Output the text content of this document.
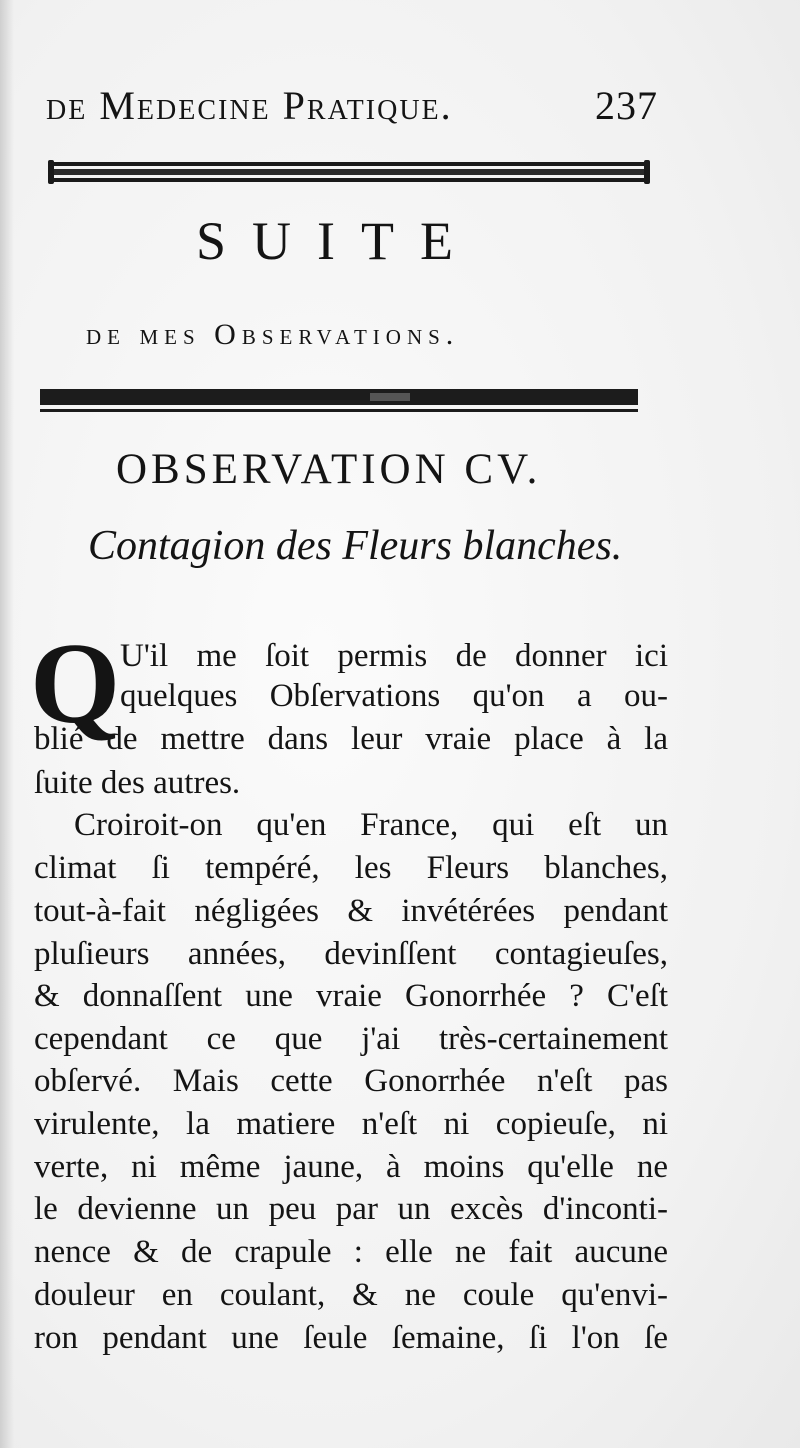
de Medecine Pratique.	237
SUITE
de mes Observations.
OBSERVATION CV.
Contagion des Fleurs blanches.
Q U'il me ſoit permis de donner ici
quelques Obſervations qu'on a ou-
blié de mettre dans leur vraie place à la
ſuite des autres.
Croiroit-on qu'en France, qui eſt un
climat ſi tempéré, les Fleurs blanches,
tout-à-fait négligées & invétérées pendant
pluſieurs années, devinſſent contagieuſes,
& donnaſſent une vraie Gonorrhée ? C'eſt
cependant ce que j'ai très-certainement
obſervé. Mais cette Gonorrhée n'eſt pas
virulente, la matiere n'eſt ni copieuſe, ni
verte, ni même jaune, à moins qu'elle ne
le devienne un peu par un excès d'inconti-
nence & de crapule : elle ne fait aucune
douleur en coulant, & ne coule qu'envi-
ron pendant une ſeule ſemaine, ſi l'on ſe
